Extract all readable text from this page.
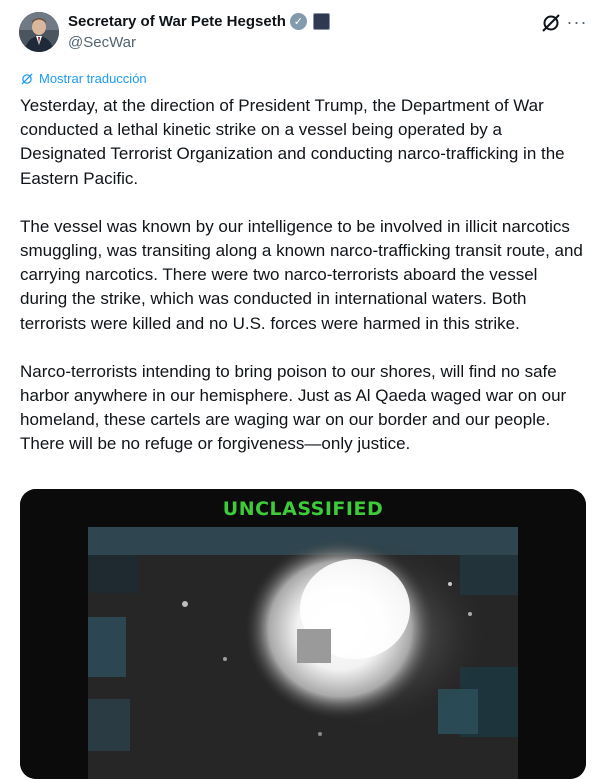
Secretary of War Pete Hegseth ✓
@SecWar
···
Mostrar traducción

Yesterday, at the direction of President Trump, the Department of War conducted a lethal kinetic strike on a vessel being operated by a Designated Terrorist Organization and conducting narco-trafficking in the Eastern Pacific.

The vessel was known by our intelligence to be involved in illicit narcotics smuggling, was transiting along a known narco-trafficking transit route, and carrying narcotics. There were two narco-terrorists aboard the vessel during the strike, which was conducted in international waters. Both terrorists were killed and no U.S. forces were harmed in this strike.

Narco-terrorists intending to bring poison to our shores, will find no safe harbor anywhere in our hemisphere. Just as Al Qaeda waged war on our homeland, these cartels are waging war on our border and our people. There will be no refuge or forgiveness—only justice.

UNCLASSIFIED
